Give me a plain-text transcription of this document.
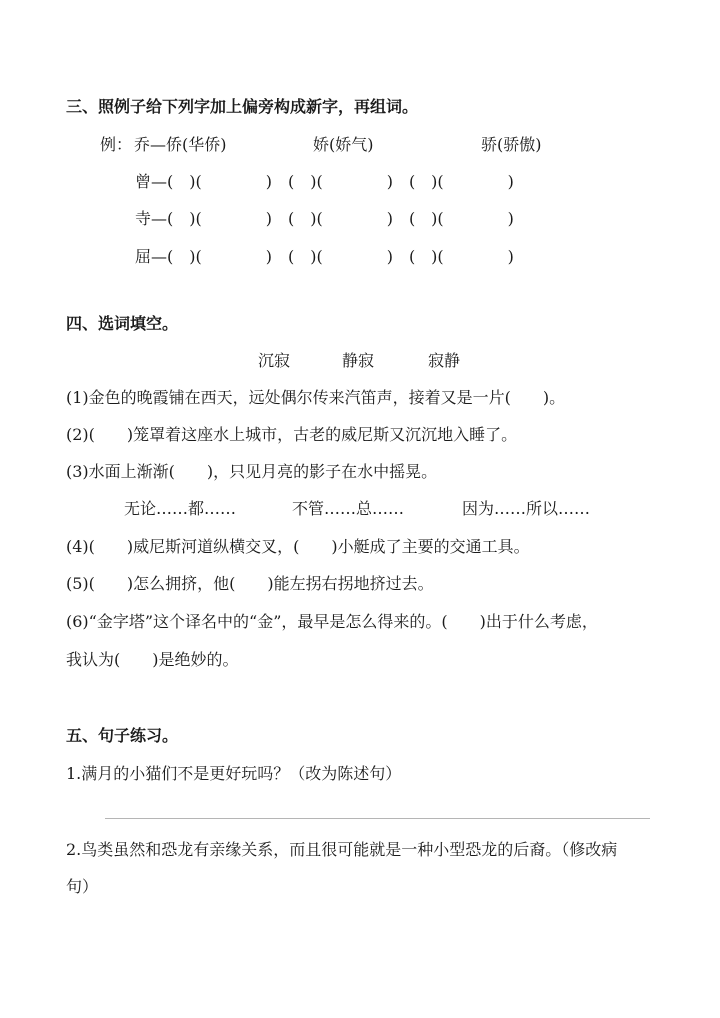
三、照例子给下列字加上偏旁构成新字，再组词。
例： 乔—侨(华侨)	娇(娇气)	骄(骄傲)
曾 —(　)(　　　　)　(　)(　　　　)　(　)(　　　　)
寺 —(　)(　　　　)　(　)(　　　　)　(　)(　　　　)
屈 —(　)(　　　　)　(　)(　　　　)　(　)(　　　　)
四、选词填空。
沉寂	静寂	寂静
(1)金色的晚霞铺在西天，远处偶尔传来汽笛声，接着又是一片(　　)。
(2)(　　)笼罩着这座水上城市，古老的威尼斯又沉沉地入睡了。
(3)水面上渐渐(　　)，只见月亮的影子在水中摇晃。
无论……都……	不管……总……	因为……所以……
(4)(　　)威尼斯河道纵横交叉，(　　)小艇成了主要的交通工具。
(5)(　　)怎么拥挤，他(　　)能左拐右拐地挤过去。
(6)“金字塔”这个译名中的“金”，最早是怎么得来的。(　　)出于什么考虑，
我认为(　　)是绝妙的。
五、句子练习。
1.满月的小猫们不是更好玩吗？（改为陈述句）
2.鸟类虽然和恐龙有亲缘关系，而且很可能就是一种小型恐龙的后裔。（修改病
句）
